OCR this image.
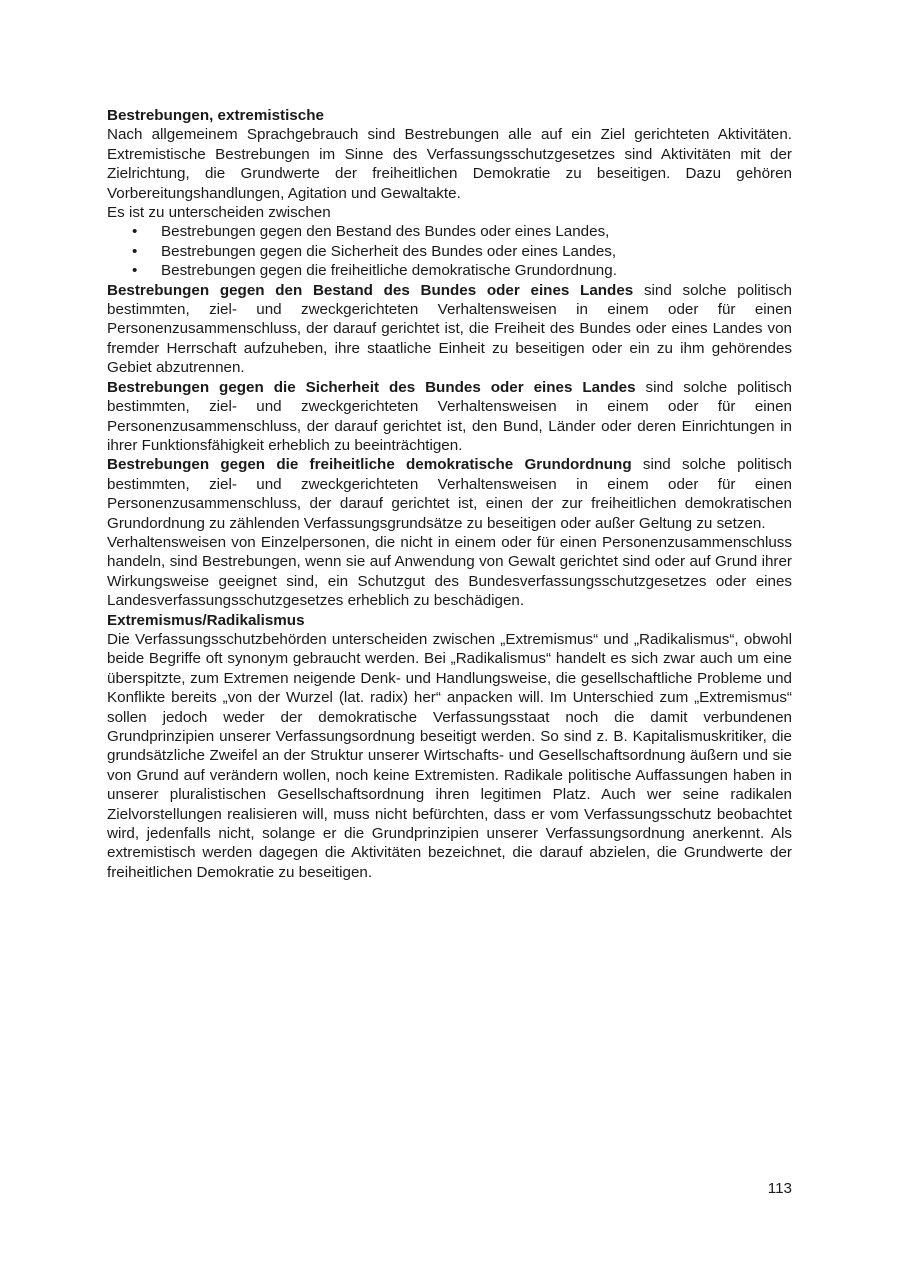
Bestrebungen, extremistische

Nach allgemeinem Sprachgebrauch sind Bestrebungen alle auf ein Ziel gerichteten Aktivitäten. Extremistische Bestrebungen im Sinne des Verfassungsschutzgesetzes sind Aktivitäten mit der Zielrichtung, die Grundwerte der freiheitlichen Demokratie zu beseitigen. Dazu gehören Vorbereitungshandlungen, Agitation und Gewaltakte.

Es ist zu unterscheiden zwischen

• Bestrebungen gegen den Bestand des Bundes oder eines Landes,
• Bestrebungen gegen die Sicherheit des Bundes oder eines Landes,
• Bestrebungen gegen die freiheitliche demokratische Grundordnung.

Bestrebungen gegen den Bestand des Bundes oder eines Landes sind solche politisch bestimmten, ziel- und zweckgerichteten Verhaltensweisen in einem oder für einen Personenzusammenschluss, der darauf gerichtet ist, die Freiheit des Bundes oder eines Landes von fremder Herrschaft aufzuheben, ihre staatliche Einheit zu beseitigen oder ein zu ihm gehörendes Gebiet abzutrennen.

Bestrebungen gegen die Sicherheit des Bundes oder eines Landes sind solche politisch bestimmten, ziel- und zweckgerichteten Verhaltensweisen in einem oder für einen Personenzusammenschluss, der darauf gerichtet ist, den Bund, Länder oder deren Einrichtungen in ihrer Funktionsfähigkeit erheblich zu beeinträchtigen.

Bestrebungen gegen die freiheitliche demokratische Grundordnung sind solche politisch bestimmten, ziel- und zweckgerichteten Verhaltensweisen in einem oder für einen Personenzusammenschluss, der darauf gerichtet ist, einen der zur freiheitlichen demokratischen Grundordnung zu zählenden Verfassungsgrundsätze zu beseitigen oder außer Geltung zu setzen.

Verhaltensweisen von Einzelpersonen, die nicht in einem oder für einen Personenzusammenschluss handeln, sind Bestrebungen, wenn sie auf Anwendung von Gewalt gerichtet sind oder auf Grund ihrer Wirkungsweise geeignet sind, ein Schutzgut des Bundesverfassungsschutzgesetzes oder eines Landesverfassungsschutzgesetzes erheblich zu beschädigen.

Extremismus/Radikalismus

Die Verfassungsschutzbehörden unterscheiden zwischen „Extremismus“ und „Radikalismus“, obwohl beide Begriffe oft synonym gebraucht werden. Bei „Radikalismus“ handelt es sich zwar auch um eine überspitzte, zum Extremen neigende Denk- und Handlungsweise, die gesellschaftliche Probleme und Konflikte bereits „von der Wurzel (lat. radix) her“ anpacken will. Im Unterschied zum „Extremismus“ sollen jedoch weder der demokratische Verfassungsstaat noch die damit verbundenen Grundprinzipien unserer Verfassungsordnung beseitigt werden. So sind z. B. Kapitalismuskritiker, die grundsätzliche Zweifel an der Struktur unserer Wirtschafts- und Gesellschaftsordnung äußern und sie von Grund auf verändern wollen, noch keine Extremisten. Radikale politische Auffassungen haben in unserer pluralistischen Gesellschaftsordnung ihren legitimen Platz. Auch wer seine radikalen Zielvorstellungen realisieren will, muss nicht befürchten, dass er vom Verfassungsschutz beobachtet wird, jedenfalls nicht, solange er die Grundprinzipien unserer Verfassungsordnung anerkennt. Als extremistisch werden dagegen die Aktivitäten bezeichnet, die darauf abzielen, die Grundwerte der freiheitlichen Demokratie zu beseitigen.

113
